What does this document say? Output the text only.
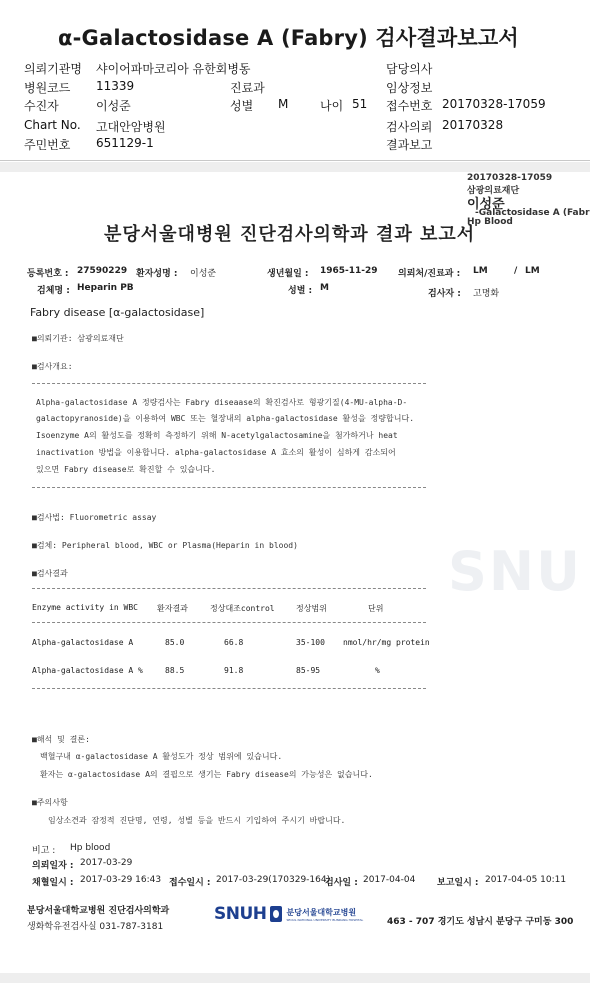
α-Galactosidase A (Fabry) 검사결과보고서
의뢰기관명 샤이어파마코리아 유한회병동	담당의사
병원코드 11339	진료과	임상정보
수진자	이성준	성별 M	나이 51 접수번호 20170328-17059
Chart No. 고대안암병원	검사의뢰 20170328
주민번호 651129-1	결과보고
SNU
20170328-17059
삼광의료재단
이성준
-Galactosidase A (Fabr
Hp Blood
분당서울대병원 진단검사의학과 결과 보고서
등록번호 : 27590229 환자성명 : 이성준	생년월일 : 1965-11-29 의뢰처/진료과 : LM	/ LM
검체명 : Heparin PB	성별 : M
검사자 : 고명화
Fabry disease [α-galactosidase]
■의뢰기관: 삼광의료재단
■검사개요:
Alpha-galactosidase A 정량검사는 Fabry diseaase의 확진검사로 형광기질(4-MU-alpha-D-
galactopyranoside)을 이용하여 WBC 또는 혈장내의 alpha-galactosidase 활성을 정량합니다.
Isoenzyme A의 활성도를 정확히 측정하기 위해 N-acetylgalactosamine을 첨가하거나 heat
inactivation 방법을 이용합니다. alpha-galactosidase A 효소의 활성이 심하게 감소되어
있으면 Fabry disease로 확진할 수 있습니다.
■검사법: Fluorometric assay
■검체: Peripheral blood, WBC or Plasma(Heparin in blood)
■검사결과
Enzyme activity in WBC 환자결과	정상대조control	정상범위	단위
Alpha-galactosidase A	85.0	66.8	35-100 nmol/hr/mg protein
Alpha-galactosidase A %	88.5	91.8	85-95	%
■해석 및 결론:
백혈구내 α-galactosidase A 활성도가 정상 범위에 있습니다.
환자는 α-galactosidase A의 결핍으로 생기는 Fabry disease의 가능성은 없습니다.
■주의사항
임상소견과 잠정적 진단명, 연령, 성별 등을 반드시 기입하여 주시기 바랍니다.
비고 : Hp blood
의뢰일자 : 2017-03-29
채혈일시 : 2017-03-29 16:43 접수일시 : 2017-03-29(170329-164)
검사일 : 2017-04-04 보고일시 : 2017-04-05 10:11
분당서울대학교병원 진단검사의학과
생화학유전검사실 031-787-3181
SNUH	분당서울대학교병원
SEOUL NATIONAL UNIVERSITY BUNDANG HOSPITAL	463 - 707 경기도 성남시 분당구 구미동 300
